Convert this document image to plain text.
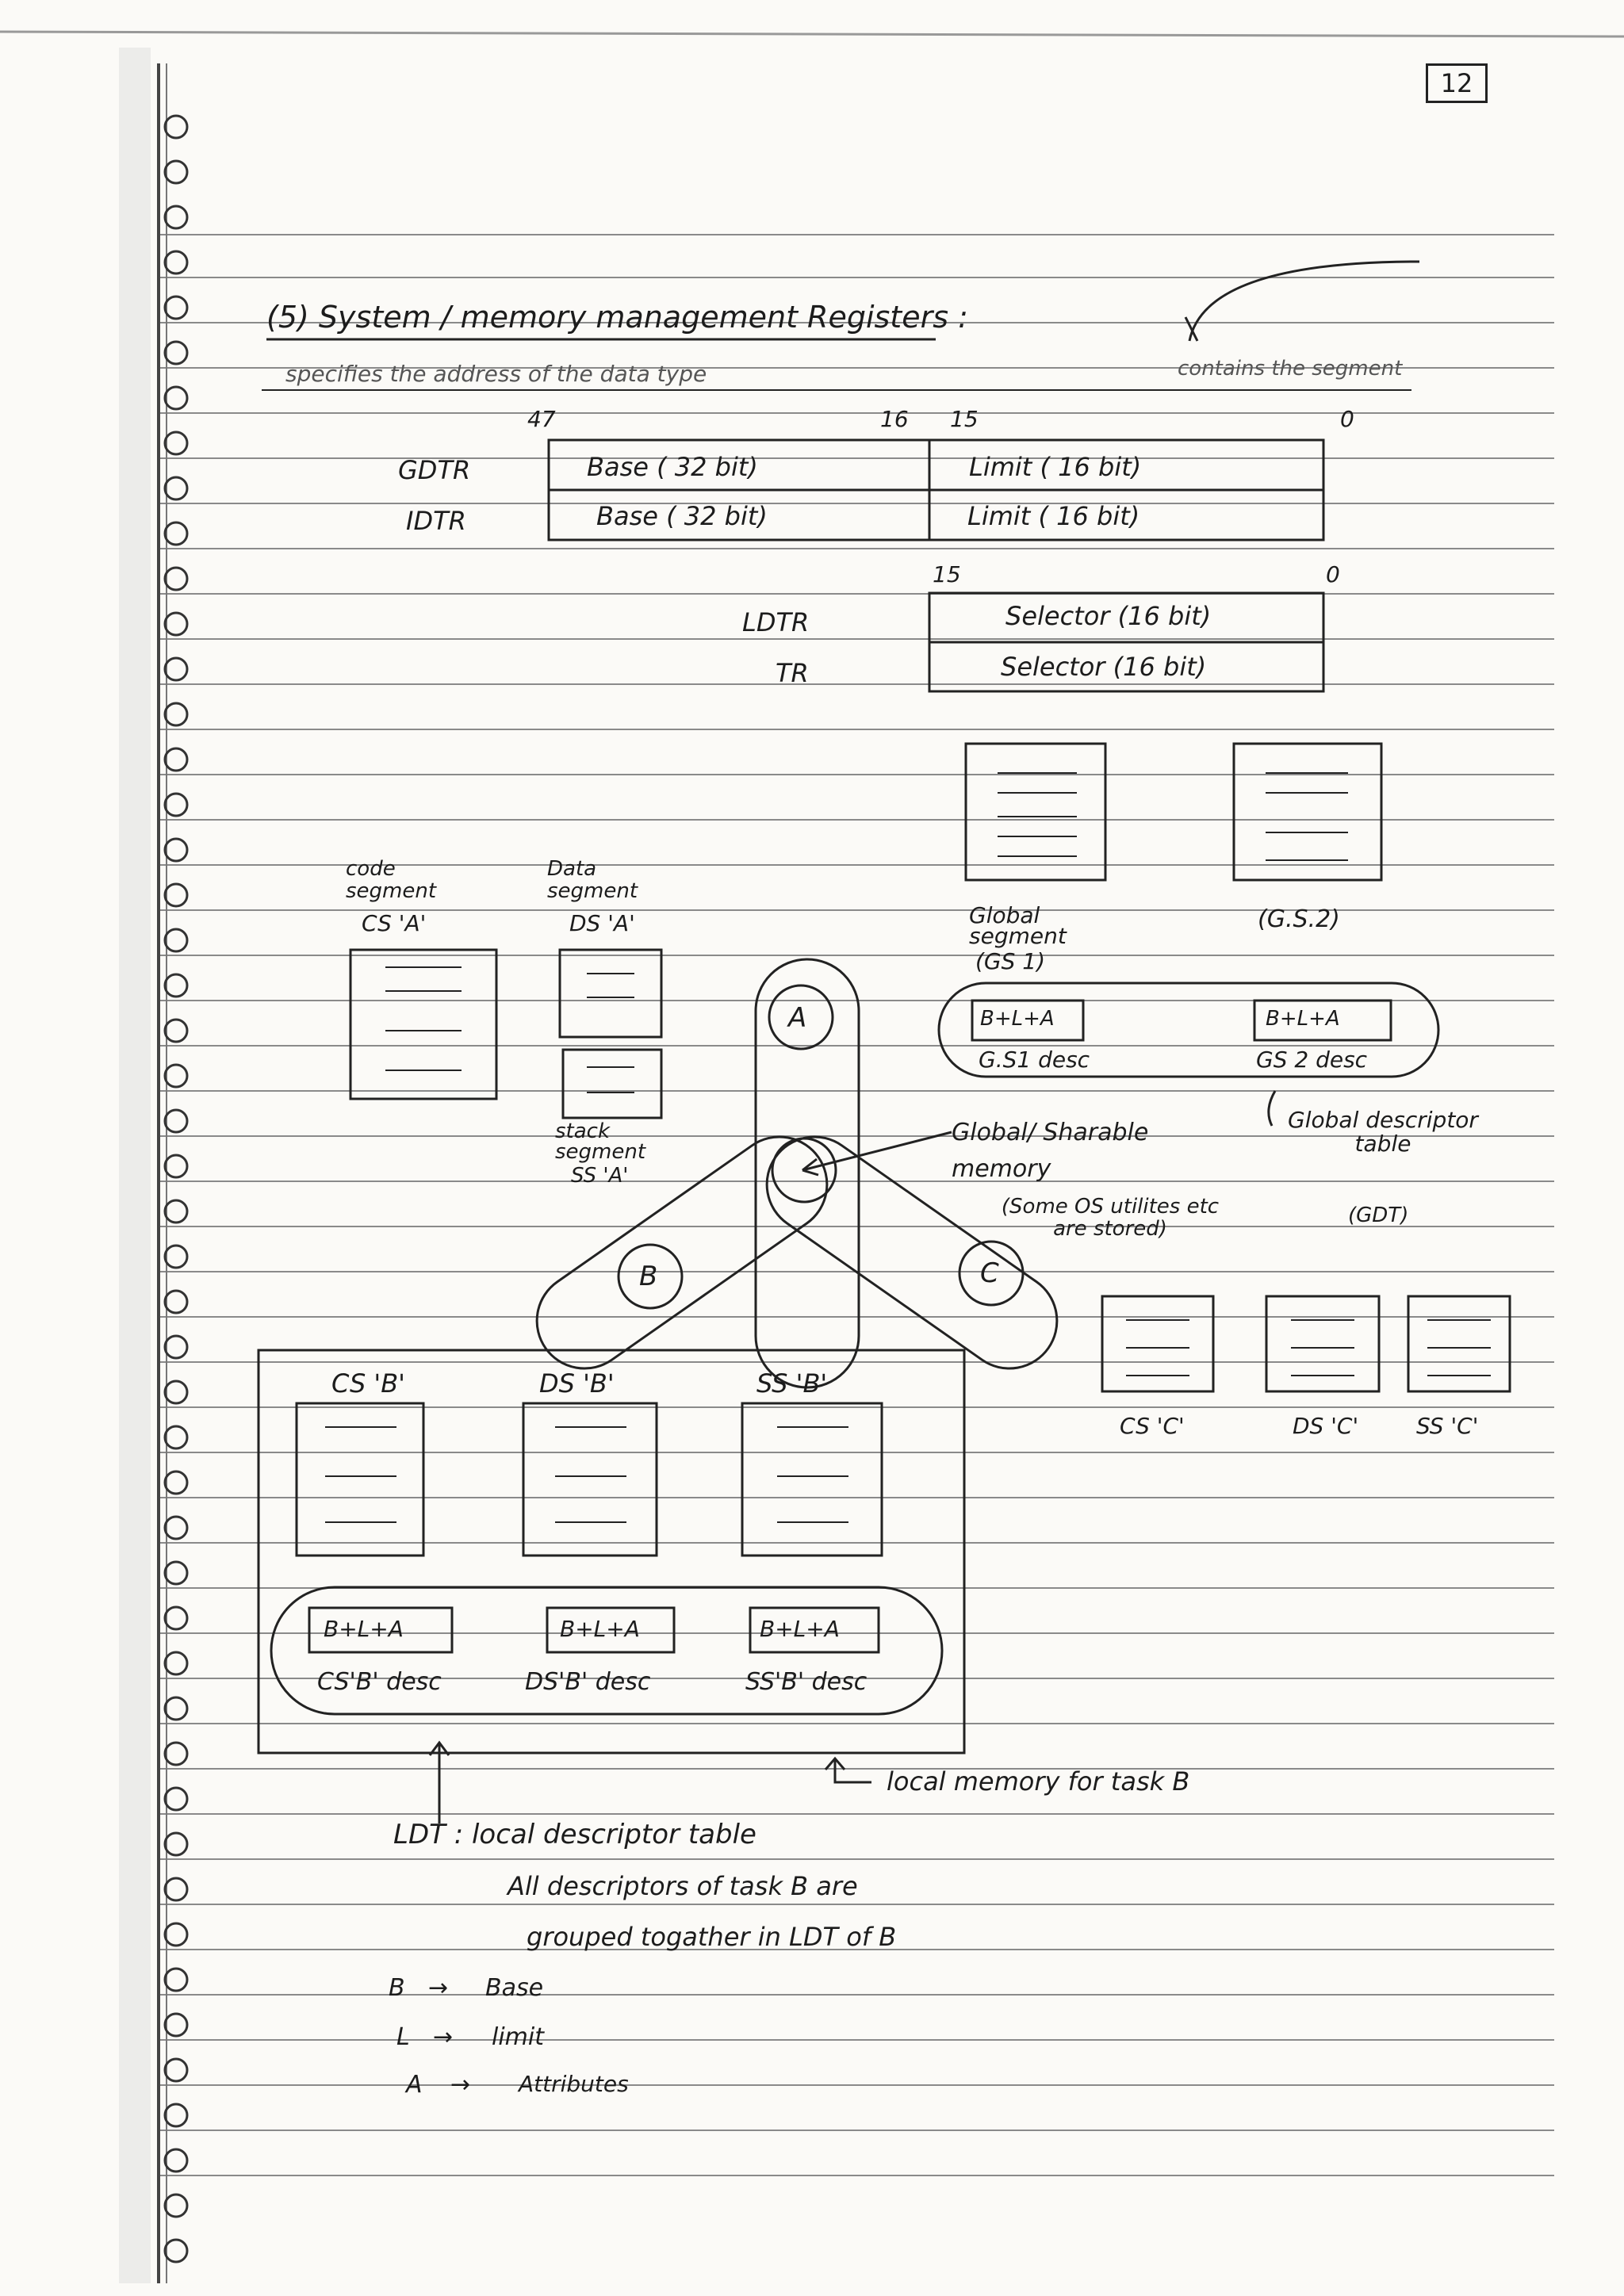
12
(5) System / memory management Registers :
specifies the address of the data type	contains the segment
47	16 15	0
GDTR	Base ( 32 bit)	Limit ( 16 bit)
IDTR	Base ( 32 bit)	Limit ( 16 bit)
15	0
LDTR	Selector (16 bit)
TR	Selector (16 bit)
code segment
Data segment
CS 'A'	DS 'A'
stack segment
SS 'A'
Global segment
(GS 1)
(G.S.2)
B+L+A	B+L+A
G.S1 desc	GS 2 desc
Global descriptor table
(GDT)
A
B	C
Global/ Sharable memory
(Some OS utilites etc are stored)
CS 'B'	DS 'B'	SS 'B'
B+L+A	B+L+A	B+L+A
CS'B' desc	DS'B' desc	SS'B' desc
local memory for task B
CS 'C'	DS 'C'	SS 'C'
LDT : local descriptor table
All descriptors of task B are
grouped togather in LDT of B
B → Base
L → limit
A → Attributes
